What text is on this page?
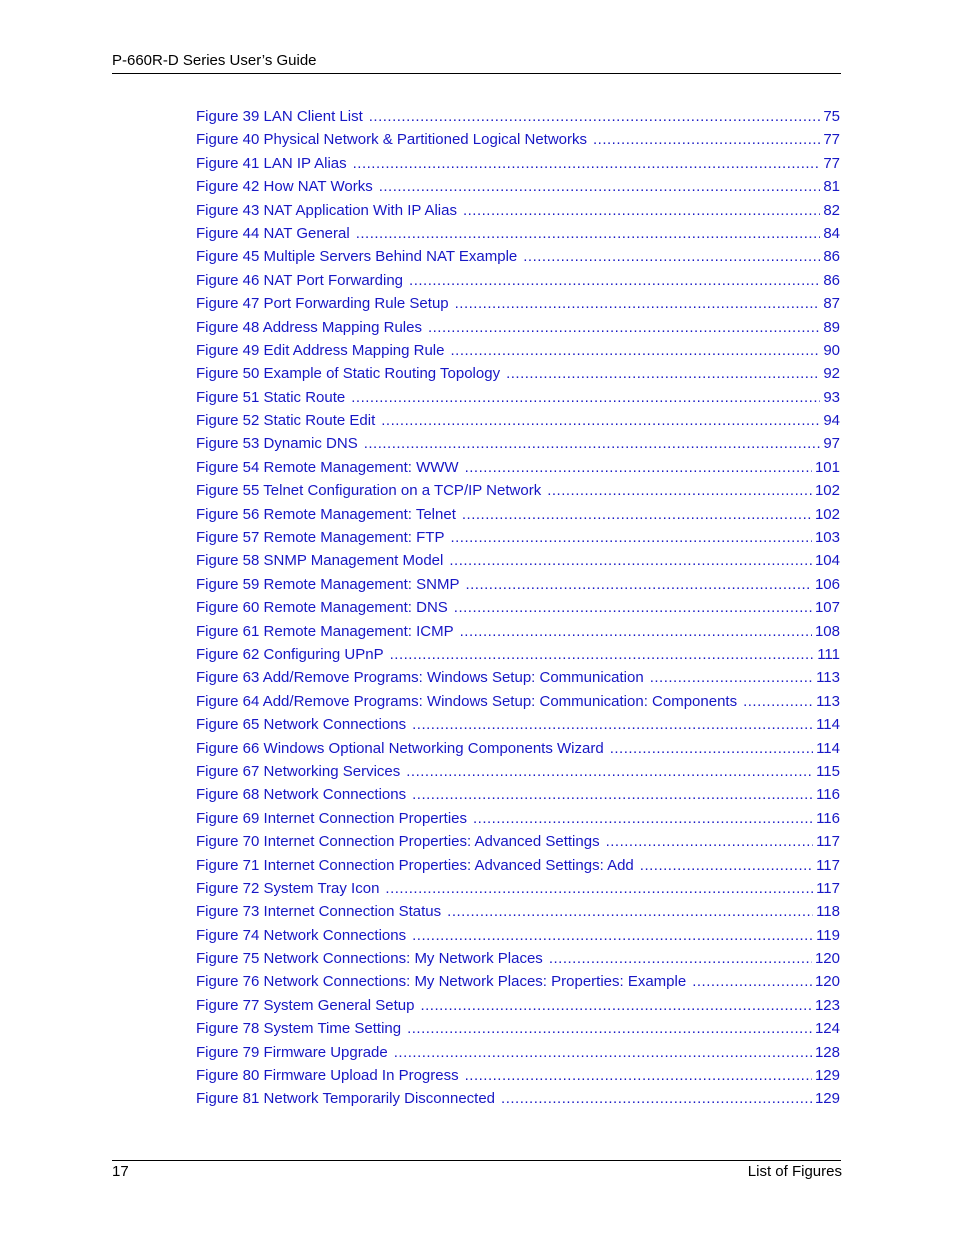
P-660R-D Series User’s Guide
Figure 39 LAN Client List .....	75
Figure 40 Physical Network & Partitioned Logical Networks .....	77
Figure 41 LAN IP Alias .....	77
Figure 42 How NAT Works .....	81
Figure 43 NAT Application With IP Alias .....	82
Figure 44 NAT General .....	84
Figure 45 Multiple Servers Behind NAT Example .....	86
Figure 46 NAT Port Forwarding .....	86
Figure 47 Port Forwarding Rule Setup .....	87
Figure 48 Address Mapping Rules .....	89
Figure 49 Edit Address Mapping Rule .....	90
Figure 50 Example of Static Routing Topology .....	92
Figure 51 Static Route .....	93
Figure 52 Static Route Edit .....	94
Figure 53 Dynamic DNS .....	97
Figure 54 Remote Management: WWW .....	101
Figure 55 Telnet Configuration on a TCP/IP Network .....	102
Figure 56 Remote Management: Telnet .....	102
Figure 57 Remote Management: FTP .....	103
Figure 58 SNMP Management Model .....	104
Figure 59 Remote Management: SNMP .....	106
Figure 60 Remote Management: DNS .....	107
Figure 61 Remote Management: ICMP .....	108
Figure 62 Configuring UPnP .....	111
Figure 63 Add/Remove Programs: Windows Setup: Communication .....	113
Figure 64 Add/Remove Programs: Windows Setup: Communication: Components .....	113
Figure 65 Network Connections .....	114
Figure 66 Windows Optional Networking Components Wizard .....	114
Figure 67 Networking Services .....	115
Figure 68 Network Connections .....	116
Figure 69 Internet Connection Properties .....	116
Figure 70 Internet Connection Properties: Advanced Settings .....	117
Figure 71 Internet Connection Properties: Advanced Settings: Add .....	117
Figure 72 System Tray Icon .....	117
Figure 73 Internet Connection Status .....	118
Figure 74 Network Connections .....	119
Figure 75 Network Connections: My Network Places .....	120
Figure 76 Network Connections: My Network Places: Properties: Example .....	120
Figure 77 System General Setup .....	123
Figure 78 System Time Setting .....	124
Figure 79 Firmware Upgrade .....	128
Figure 80 Firmware Upload In Progress .....	129
Figure 81 Network Temporarily Disconnected .....	129
17	List of Figures
